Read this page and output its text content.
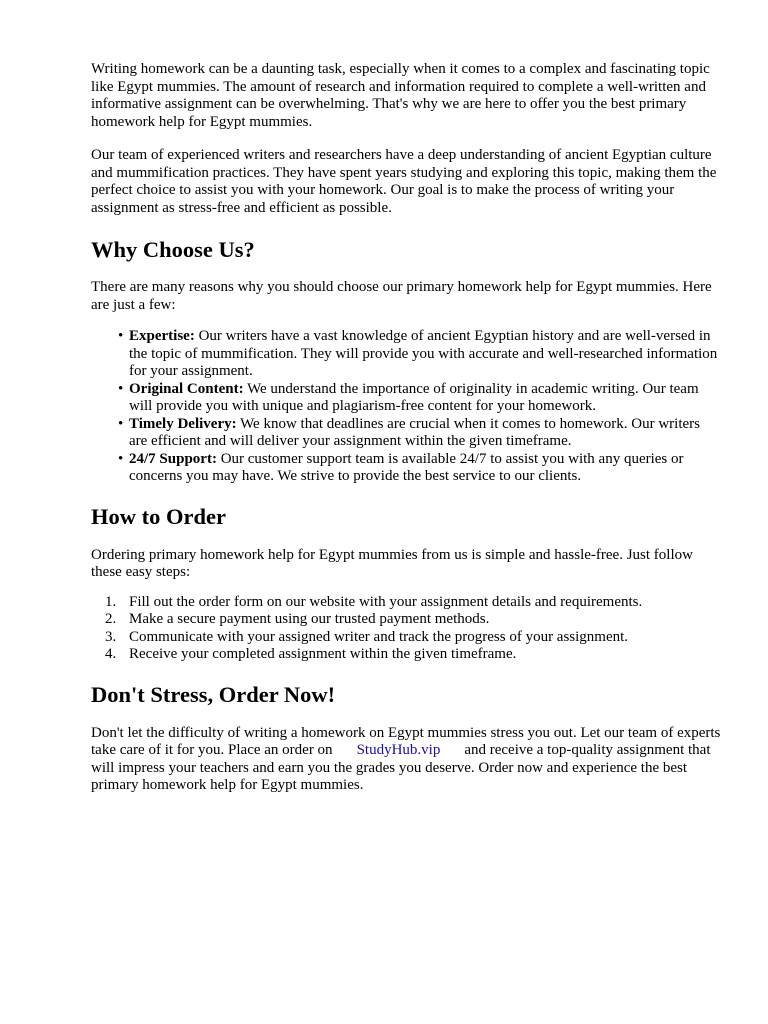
Writing homework can be a daunting task, especially when it comes to a complex and fascinating topic like Egypt mummies. The amount of research and information required to complete a well-written and informative assignment can be overwhelming. That's why we are here to offer you the best primary homework help for Egypt mummies.

Our team of experienced writers and researchers have a deep understanding of ancient Egyptian culture and mummification practices. They have spent years studying and exploring this topic, making them the perfect choice to assist you with your homework. Our goal is to make the process of writing your assignment as stress-free and efficient as possible.

Why Choose Us?

There are many reasons why you should choose our primary homework help for Egypt mummies. Here are just a few:

• Expertise: Our writers have a vast knowledge of ancient Egyptian history and are well-versed in the topic of mummification. They will provide you with accurate and well-researched information for your assignment.
• Original Content: We understand the importance of originality in academic writing. Our team will provide you with unique and plagiarism-free content for your homework.
• Timely Delivery: We know that deadlines are crucial when it comes to homework. Our writers are efficient and will deliver your assignment within the given timeframe.
• 24/7 Support: Our customer support team is available 24/7 to assist you with any queries or concerns you may have. We strive to provide the best service to our clients.
How to Order

Ordering primary homework help for Egypt mummies from us is simple and hassle-free. Just follow these easy steps:

1. Fill out the order form on our website with your assignment details and requirements.
2. Make a secure payment using our trusted payment methods.
3. Communicate with your assigned writer and track the progress of your assignment.
4. Receive your completed assignment within the given timeframe.
Don't Stress, Order Now!

Don't let the difficulty of writing a homework on Egypt mummies stress you out. Let our team of experts take care of it for you. Place an order on StudyHub.vip and receive a top-quality assignment that will impress your teachers and earn you the grades you deserve. Order now and experience the best primary homework help for Egypt mummies.
